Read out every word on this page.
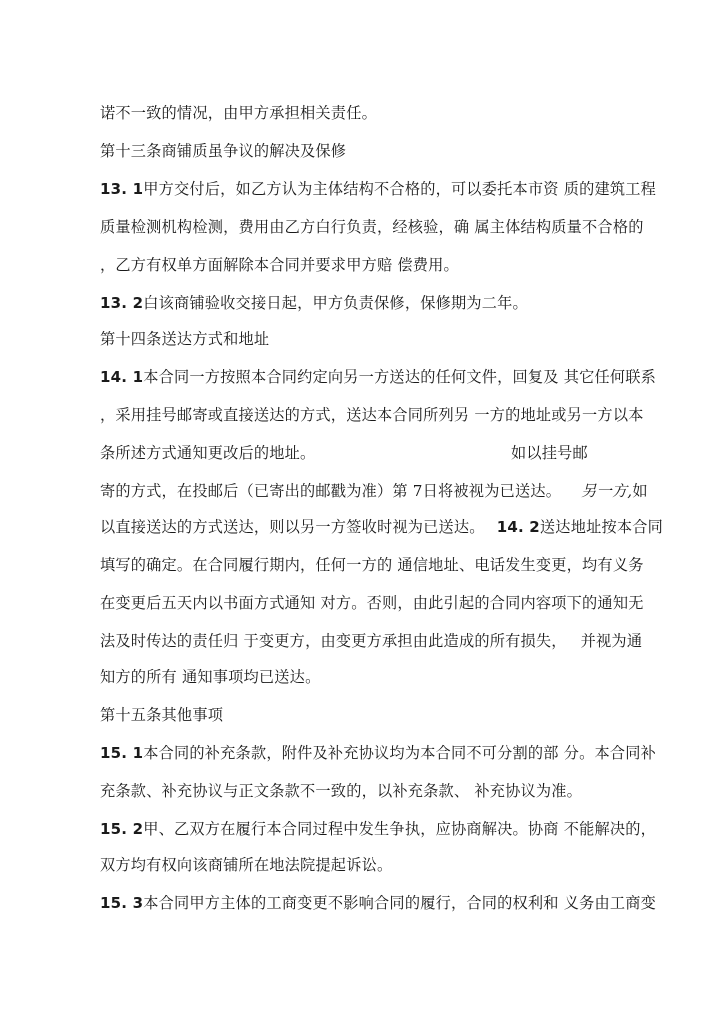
诺不一致的情况，由甲方承担相关责任。
第十三条商铺质虽争议的解决及保修
13. 1甲方交付后，如乙方认为主体结构不合格的，可以委托本市资 质的建筑工程
质量检测机构检测，费用由乙方白行负责，经核验，确 属主体结构质量不合格的
，乙方有权单方面解除本合同并要求甲方赔 偿费用。
13. 2白该商铺验收交接日起，甲方负责保修，保修期为二年。
第十四条送达方式和地址
14. 1本合同一方按照本合同约定向另一方送达的任何文件，回复及 其它任何联系
，采用挂号邮寄或直接送达的方式，送达本合同所列另 一方的地址或另一方以本
条所述方式通知更改后的地址。	如以挂号邮
寄的方式，在投邮后（已寄出的邮戳为准）第 7日将被视为已送达。 另一方,如
以直接送达的方式送达，则以另一方签收时视为已送达。 14. 2送达地址按本合同
填写的确定。在合同履行期内，任何一方的 通信地址、电话发生变更，均有义务
在变更后五天内以书面方式通知 对方。否则，由此引起的合同内容项下的通知无
法及时传达的责任归 于变更方，由变更方承担由此造成的所有损失， 并视为通
知方的所有 通知事项均已送达。
第十五条其他事项
15. 1本合同的补充条款，附件及补充协议均为本合同不可分割的部 分。本合同补
充条款、补充协议与正文条款不一致的，以补充条款、 补充协议为准。
15. 2甲、乙双方在履行本合同过程中发生争执，应协商解决。协商 不能解决的，
双方均有权向该商铺所在地法院提起诉讼。
15. 3本合同甲方主体的工商变更不影响合同的履行，合同的权利和 义务由工商变
